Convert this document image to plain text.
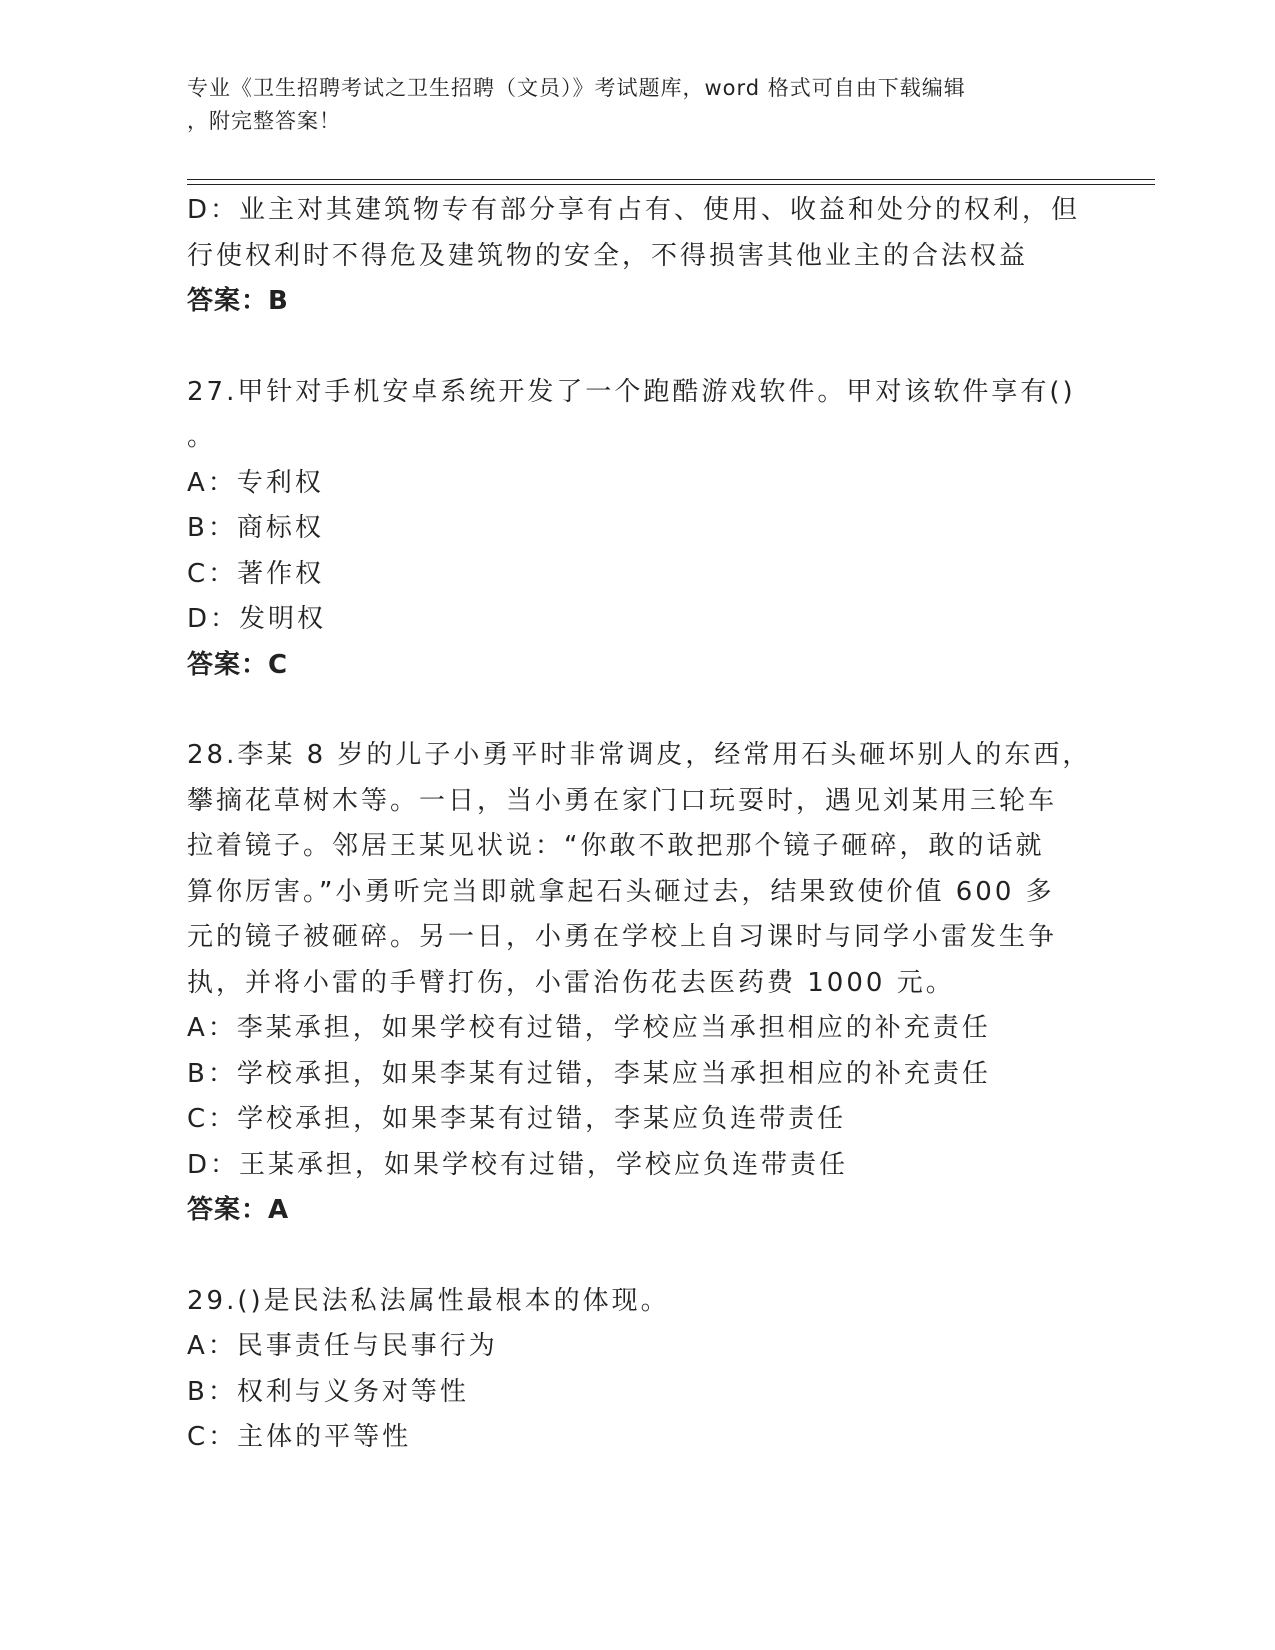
专业《卫生招聘考试之卫生招聘（文员）》考试题库，word 格式可自由下载编辑
，附完整答案！
D：业主对其建筑物专有部分享有占有、使用、收益和处分的权利，但
行使权利时不得危及建筑物的安全，不得损害其他业主的合法权益
答案：B
27.甲针对手机安卓系统开发了一个跑酷游戏软件。甲对该软件享有()
。
A：专利权
B：商标权
C：著作权
D：发明权
答案：C
28.李某 8 岁的儿子小勇平时非常调皮，经常用石头砸坏别人的东西，
攀摘花草树木等。一日，当小勇在家门口玩耍时，遇见刘某用三轮车
拉着镜子。邻居王某见状说：“你敢不敢把那个镜子砸碎，敢的话就
算你厉害。”小勇听完当即就拿起石头砸过去，结果致使价值 600 多
元的镜子被砸碎。另一日，小勇在学校上自习课时与同学小雷发生争
执，并将小雷的手臂打伤，小雷治伤花去医药费 1000 元。
A：李某承担，如果学校有过错，学校应当承担相应的补充责任
B：学校承担，如果李某有过错，李某应当承担相应的补充责任
C：学校承担，如果李某有过错，李某应负连带责任
D：王某承担，如果学校有过错，学校应负连带责任
答案：A
29.()是民法私法属性最根本的体现。
A：民事责任与民事行为
B：权利与义务对等性
C：主体的平等性
